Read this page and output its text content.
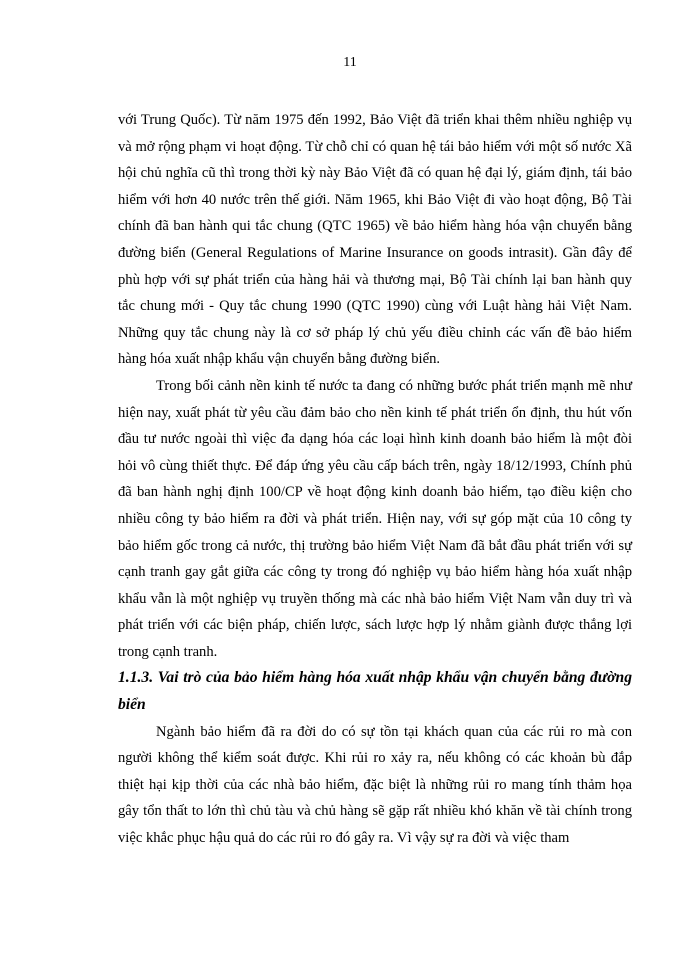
11

với Trung Quốc). Từ năm 1975 đến 1992, Bảo Việt đã triển khai thêm nhiều nghiệp vụ và mở rộng phạm vi hoạt động. Từ chỗ chỉ có quan hệ tái bảo hiểm với một số nước Xã hội chủ nghĩa cũ thì trong thời kỳ này Bảo Việt đã có quan hệ đại lý, giám định, tái bảo hiểm với hơn 40 nước trên thế giới. Năm 1965, khi Bảo Việt đi vào hoạt động, Bộ Tài chính đã ban hành qui tắc chung (QTC 1965) về bảo hiểm hàng hóa vận chuyển bằng đường biển (General Regulations of Marine Insurance on goods intrasit). Gần đây để phù hợp với sự phát triển của hàng hải và thương mại, Bộ Tài chính lại ban hành quy tắc chung mới - Quy tắc chung 1990 (QTC 1990) cùng với Luật hàng hải Việt Nam. Những quy tắc chung này là cơ sở pháp lý chủ yếu điều chỉnh các vấn đề bảo hiểm hàng hóa xuất nhập khẩu vận chuyển bằng đường biển.

Trong bối cảnh nền kinh tế nước ta đang có những bước phát triển mạnh mẽ như hiện nay, xuất phát từ yêu cầu đảm bảo cho nền kinh tế phát triển ổn định, thu hút vốn đầu tư nước ngoài thì việc đa dạng hóa các loại hình kinh doanh bảo hiểm là một đòi hỏi vô cùng thiết thực. Để đáp ứng yêu cầu cấp bách trên, ngày 18/12/1993, Chính phủ đã ban hành nghị định 100/CP về hoạt động kinh doanh bảo hiểm, tạo điều kiện cho nhiều công ty bảo hiểm ra đời và phát triển. Hiện nay, với sự góp mặt của 10 công ty bảo hiểm gốc trong cả nước, thị trường bảo hiểm Việt Nam đã bắt đầu phát triển với sự cạnh tranh gay gắt giữa các công ty trong đó nghiệp vụ bảo hiểm hàng hóa xuất nhập khẩu vẫn là một nghiệp vụ truyền thống mà các nhà bảo hiểm Việt Nam vẫn duy trì và phát triển với các biện pháp, chiến lược, sách lược hợp lý nhằm giành được thắng lợi trong cạnh tranh.

1.1.3. Vai trò của bảo hiểm hàng hóa xuất nhập khẩu vận chuyển bằng đường biển

Ngành bảo hiểm đã ra đời do có sự tồn tại khách quan của các rủi ro mà con người không thể kiểm soát được. Khi rủi ro xảy ra, nếu không có các khoản bù đắp thiệt hại kịp thời của các nhà bảo hiểm, đặc biệt là những rủi ro mang tính thảm họa gây tổn thất to lớn thì chủ tàu và chủ hàng sẽ gặp rất nhiều khó khăn về tài chính trong việc khắc phục hậu quả do các rủi ro đó gây ra. Vì vậy sự ra đời và việc tham
